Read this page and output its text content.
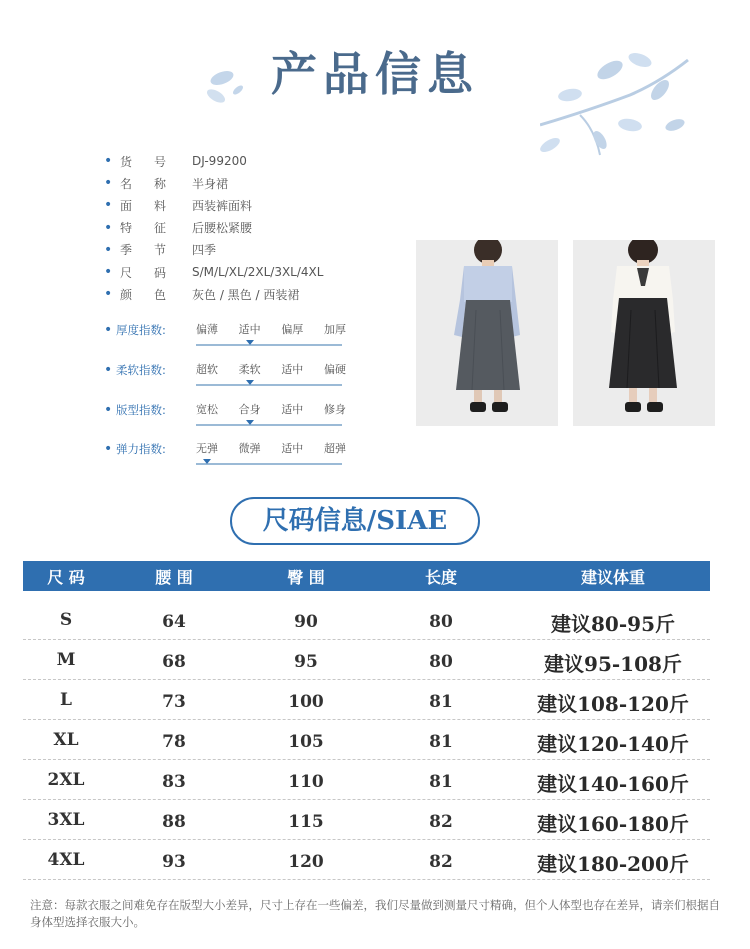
产品信息
• 货号 DJ-99200
• 名称 半身裙
• 面料 西装裤面料
• 特征 后腰松紧腰
• 季节 四季
• 尺码 S/M/L/XL/2XL/3XL/4XL
• 颜色 灰色 / 黑色 / 西装裙
• 厚度指数:	偏薄 适中 偏厚 加厚
• 柔软指数:	超软 柔软 适中 偏硬
• 版型指数:	宽松 合身 适中 修身
• 弹力指数:	无弹 微弹 适中 超弹
尺码信息/SIAE
尺 码	腰 围	臀 围	长度	建议体重
S	64	90	80	建议80-95斤
M	68	95	80	建议95-108斤
L	73	100	81	建议108-120斤
XL	78	105	81	建议120-140斤
2XL	83	110	81	建议140-160斤
3XL	88	115	82	建议160-180斤
4XL	93	120	82	建议180-200斤
注意：每款衣服之间难免存在版型大小差异，尺寸上存在一些偏差，我们尽量做到测量尺寸精确，但个人体型也存在差异，请亲们根据自身体型选择衣服大小。
